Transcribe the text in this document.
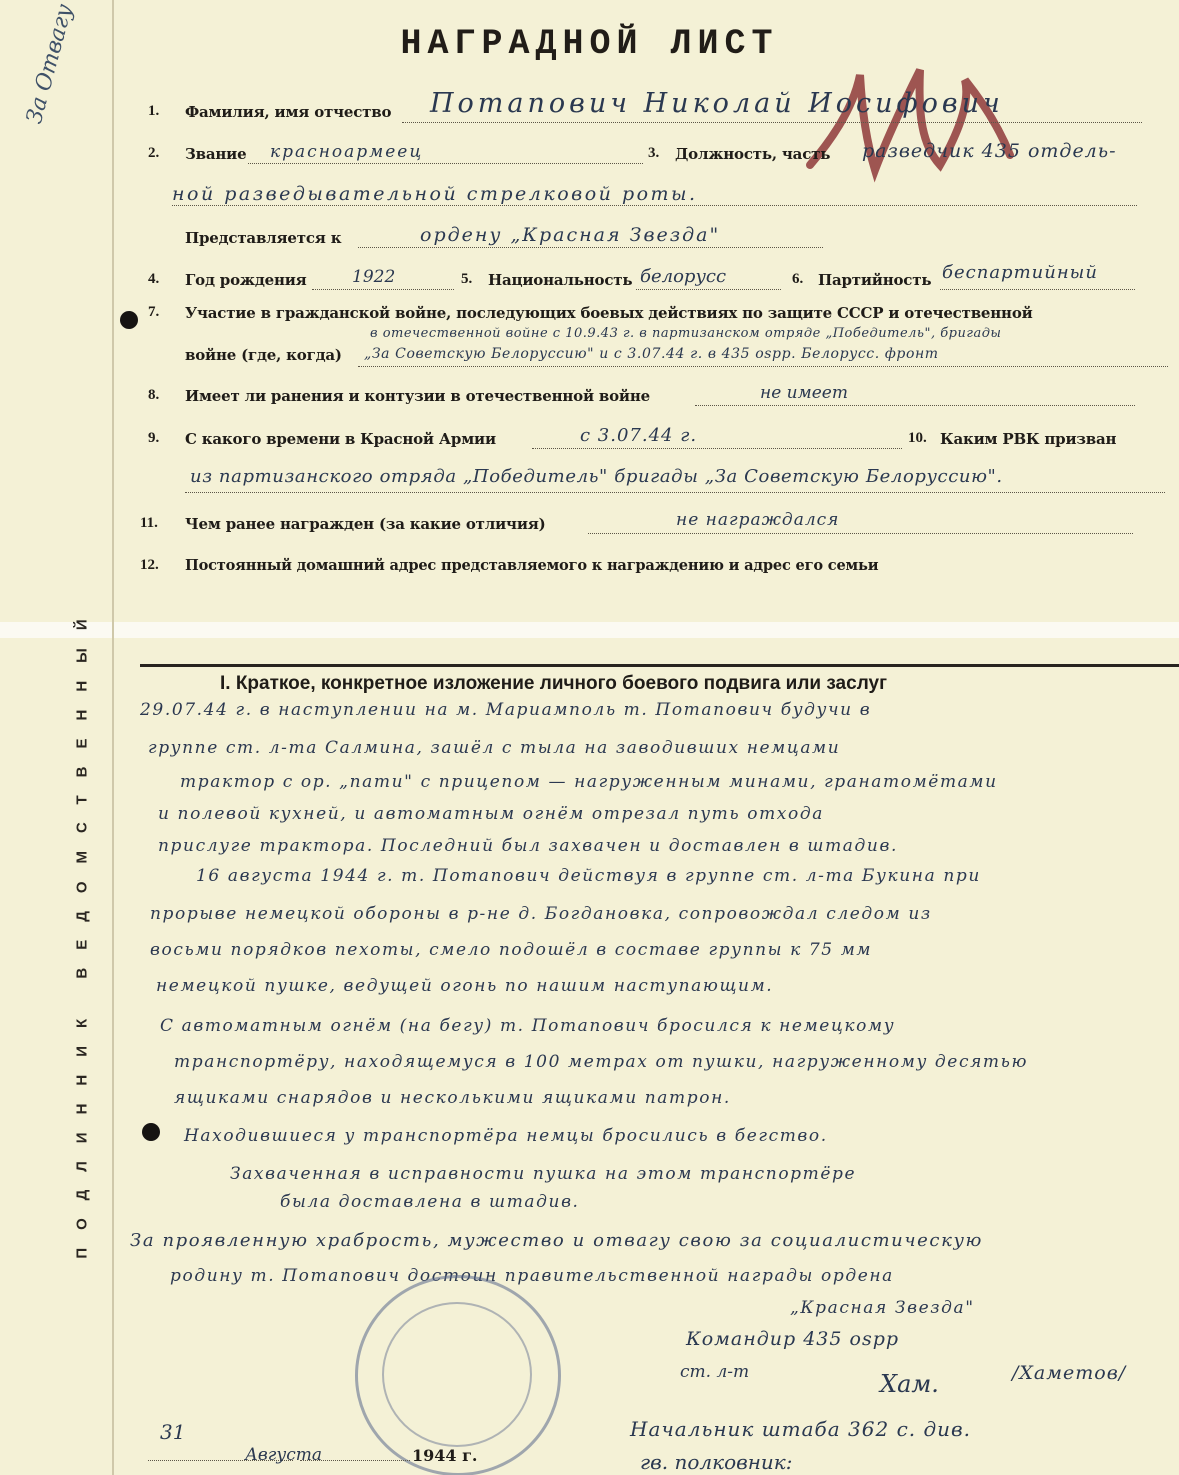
НАГРАДНОЙ ЛИСТ
ПОДЛИННИК ВЕДОМСТВЕННЫЙ
За Отвагу	1. Фамилия, имя отчество Потапович Николай Иосифович
2. Звание красноармеец	3. Должность, часть разведчик 435 отдель-
ной разведывательной стрелковой роты.
Представляется к	ордену „Красная Звезда"
4. Год рождения	1922	5. Национальность белорусс	6. Партийность беспартийный
7. Участие в гражданской войне, последующих боевых действиях по защите СССР и отечественной
в отечественной войне с 10.9.43 г. в партизанском отряде „Победитель", бригады
войне (где, когда) „За Советскую Белоруссию" и с 3.07.44 г. в 435 оsрр. Белорусс. фронт
8. Имеет ли ранения и контузии в отечественной войне	не имеет
9. С какого времени в Красной Армии	с 3.07.44 г.	10. Каким РВК призван
из партизанского отряда „Победитель" бригады „За Советскую Белоруссию".
11. Чем ранее награжден (за какие отличия)	не награждался
12. Постоянный домашний адрес представляемого к награждению и адрес его семьи
I. Краткое, конкретное изложение личного боевого подвига или заслуг
29.07.44 г. в наступлении на м. Мариамполь т. Потапович будучи в
группе ст. л-та Салмина, зашёл с тыла на заводивших немцами
трактор с ор. „пати" с прицепом — нагруженным минами, гранатомётами
и полевой кухней, и автоматным огнём отрезал путь отхода
прислуге трактора. Последний был захвачен и доставлен в штадив.
16 августа 1944 г. т. Потапович действуя в группе ст. л-та Букина при
прорыве немецкой обороны в р-не д. Богдановка, сопровождал следом из
восьми порядков пехоты, смело подошёл в составе группы к 75 мм
немецкой пушке, ведущей огонь по нашим наступающим.
С автоматным огнём (на бегу) т. Потапович бросился к немецкому
транспортёру, находящемуся в 100 метрах от пушки, нагруженному десятью
ящиками снарядов и несколькими ящиками патрон.
Находившиеся у транспортёра немцы бросились в бегство.
Захваченная в исправности пушка на этом транспортёре
была доставлена в штадив.
За проявленную храбрость, мужество и отвагу свою за социалистическую
родину т. Потапович достоин правительственной награды ордена
„Красная Звезда"
Командир 435 оsрр
ст. л-т	Хам.	/Хаметов/
31
Августа	1944 г.
Начальник штаба 362 с. див.
гв. полковник:
